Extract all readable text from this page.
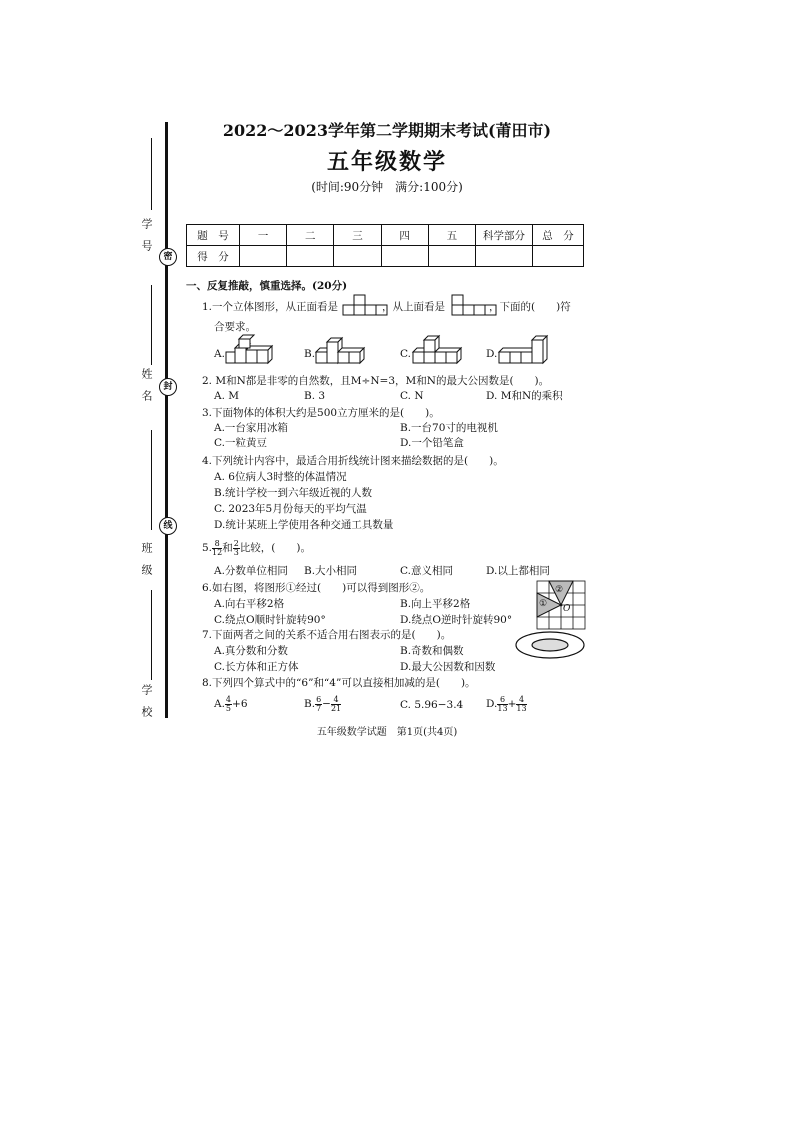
密
封
线
学　号
姓　名
班　级
学　校
2022～2023学年第二学期期末考试(莆田市)
五年级数学
(时间:90分钟　满分:100分)
题　号	一	二	三	四	五	科学部分	总　分
得　分							
一、反复推敲，慎重选择。(20分)
1.一个立体图形，从正面看是	，从上面看是	，下面的(　　)符
合要求。
A.	B.	C.	D.
2. M和N都是非零的自然数，且M÷N=3，M和N的最大公因数是(　　)。
A. M	B. 3	C. N	D. M和N的乘积
3.下面物体的体积大约是500立方厘米的是(　　)。
A.一台家用冰箱	B.一台70寸的电视机
C.一粒黄豆	D.一个铅笔盒
4.下列统计内容中，最适合用折线统计图来描绘数据的是(　　)。
A. 6位病人3时整的体温情况
B.统计学校一到六年级近视的人数
C. 2023年5月份每天的平均气温
D.统计某班上学使用各种交通工具数量
5. $\frac{8}{12}$ 和 $\frac{2}{3}$ 比较，(　　)。
A.分数单位相同 B.大小相同	C.意义相同	D.以上都相同
6.如右图，将图形①经过(　　)可以得到图形②。
A.向右平移2格	B.向上平移2格
C.绕点O顺时针旋转90°	D.绕点O逆时针旋转90°
①
②
O
7.下面两者之间的关系不适合用右图表示的是(　　)。
A.真分数和分数	B.奇数和偶数
C.长方体和正方体	D.最大公因数和因数
8.下列四个算式中的“6”和“4”可以直接相加减的是(　　)。
A. $\frac{4}{5} +6$	B. $\frac{6}{7} - \frac{4}{21}$	C. 5.96−3.4 D. $\frac{6}{13} + \frac{4}{13}$
五年级数学试题　第1页(共4页)
